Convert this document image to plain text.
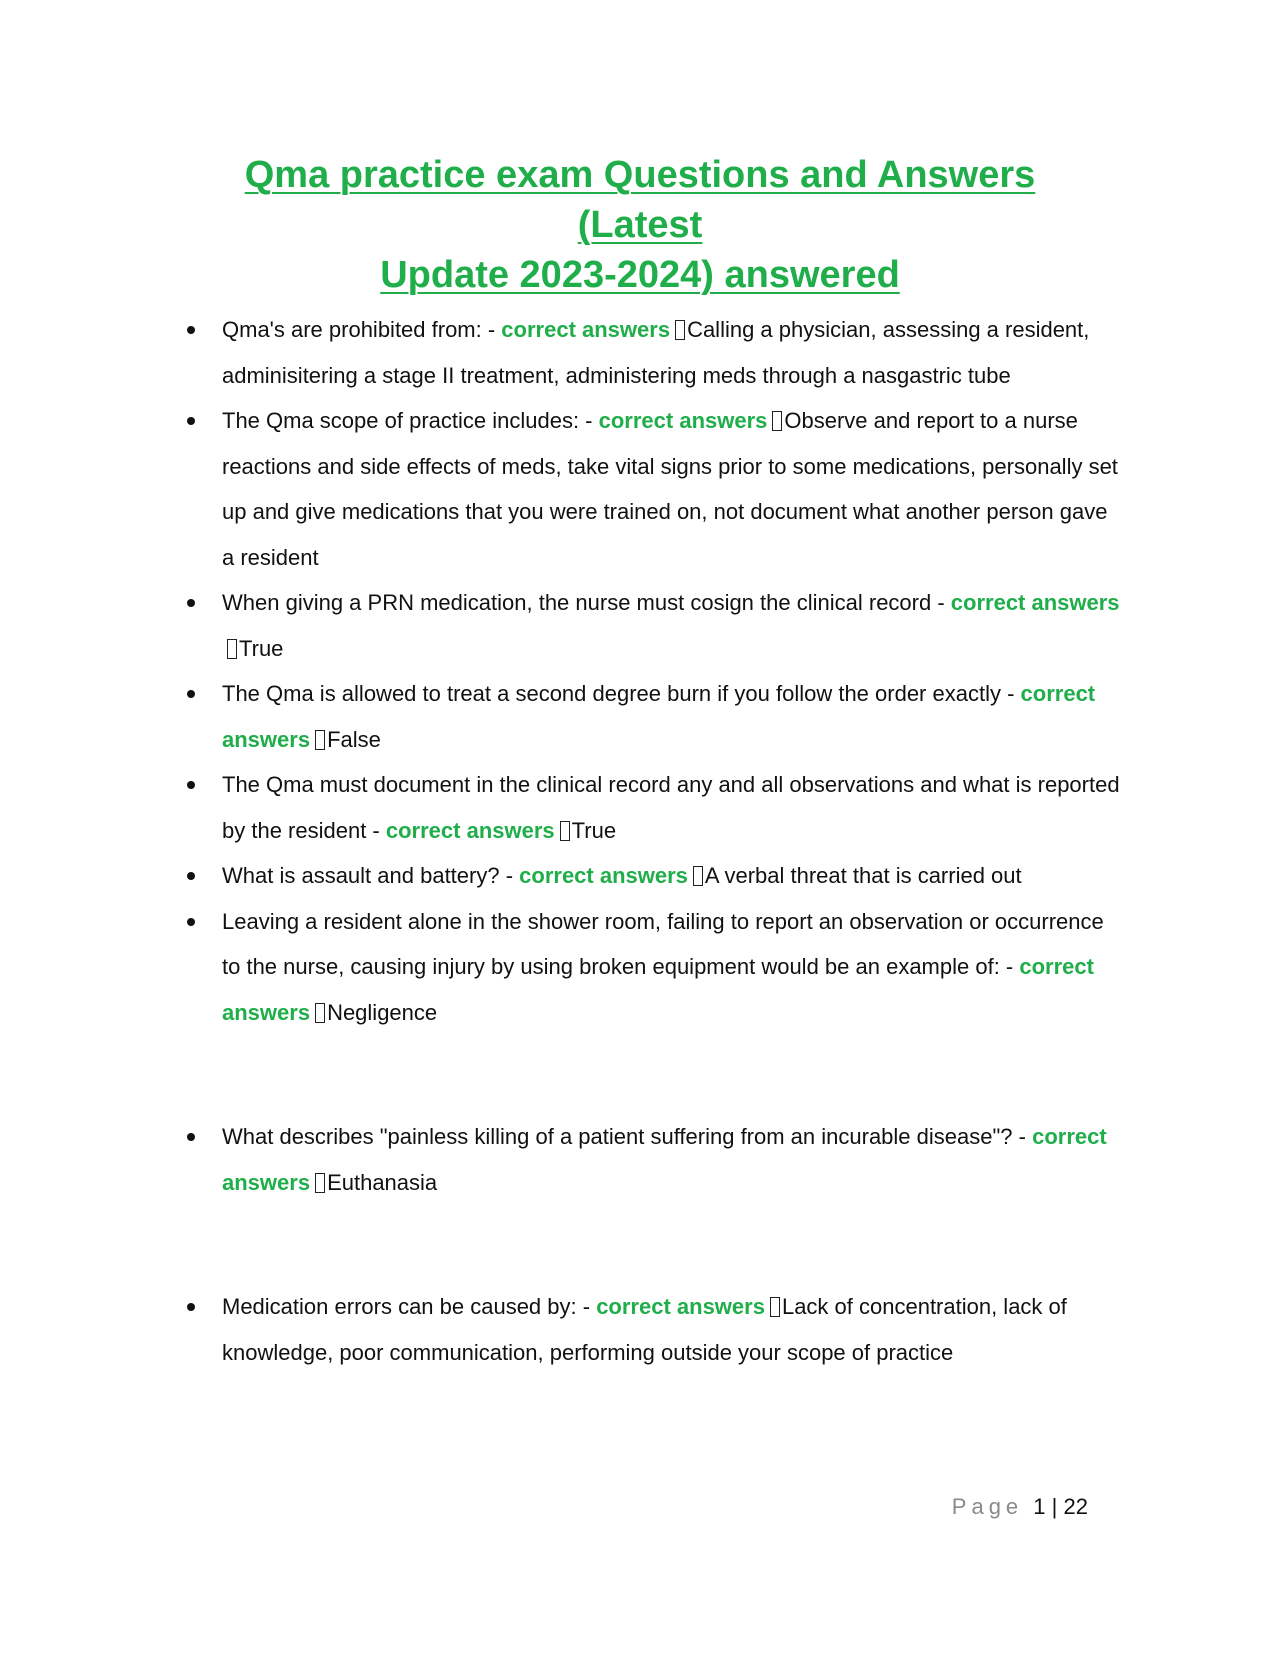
Qma practice exam Questions and Answers (Latest
Update 2023-2024) answered
Qma's are prohibited from: - correct answers Calling a physician, assessing a resident, adminisitering a stage II treatment, administering meds through a nasgastric tube
The Qma scope of practice includes: - correct answers Observe and report to a nurse reactions and side effects of meds, take vital signs prior to some medications, personally set up and give medications that you were trained on, not document what another person gave a resident
When giving a PRN medication, the nurse must cosign the clinical record - correct answersTrue
The Qma is allowed to treat a second degree burn if you follow the order exactly - correct answers False
The Qma must document in the clinical record any and all observations and what is reported by the resident - correct answers True
What is assault and battery? - correct answers A verbal threat that is carried out
Leaving a resident alone in the shower room, failing to report an observation or occurrence to the nurse, causing injury by using broken equipment would be an example of: - correct answers Negligence
What describes "painless killing of a patient suffering from an incurable disease"? - correct answers Euthanasia
Medication errors can be caused by: - correct answers Lack of concentration, lack of knowledge, poor communication, performing outside your scope of practice
Page 1 | 22
